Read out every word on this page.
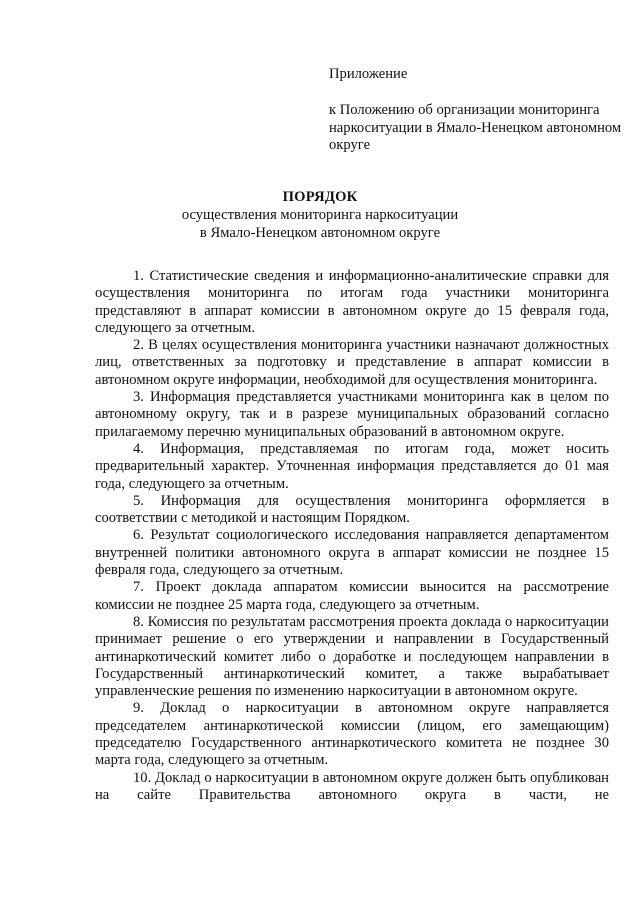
Приложение

к Положению об организации мониторинга наркоситуации в Ямало-Ненецком автономном округе

ПОРЯДОК

осуществления мониторинга наркоситуации

в Ямало-Ненецком автономном округе

1. Статистические сведения и информационно-аналитические справки для осуществления мониторинга по итогам года участники мониторинга представляют в аппарат комиссии в автономном округе до 15 февраля года, следующего за отчетным.

2. В целях осуществления мониторинга участники назначают должностных лиц, ответственных за подготовку и представление в аппарат комиссии в автономном округе информации, необходимой для осуществления мониторинга.

3. Информация представляется участниками мониторинга как в целом по автономному округу, так и в разрезе муниципальных образований согласно прилагаемому перечню муниципальных образований в автономном округе.

4. Информация, представляемая по итогам года, может носить предварительный характер. Уточненная информация представляется до 01 мая года, следующего за отчетным.

5. Информация для осуществления мониторинга оформляется в соответствии с методикой и настоящим Порядком.

6. Результат социологического исследования направляется департаментом внутренней политики автономного округа в аппарат комиссии не позднее 15 февраля года, следующего за отчетным.

7. Проект доклада аппаратом комиссии выносится на рассмотрение комиссии не позднее 25 марта года, следующего за отчетным.

8. Комиссия по результатам рассмотрения проекта доклада о наркоситуации принимает решение о его утверждении и направлении в Государственный антинаркотический комитет либо о доработке и последующем направлении в Государственный антинаркотический комитет, а также вырабатывает управленческие решения по изменению наркоситуации в автономном округе.

9. Доклад о наркоситуации в автономном округе направляется председателем антинаркотической комиссии (лицом, его замещающим) председателю Государственного антинаркотического комитета не позднее 30 марта года, следующего за отчетным.

10. Доклад о наркоситуации в автономном округе должен быть опубликован на сайте Правительства автономного округа в части, не
